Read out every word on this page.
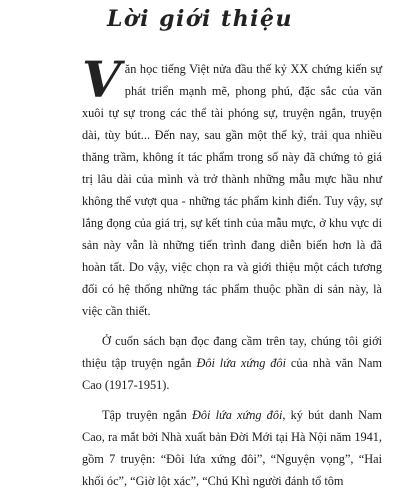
Lời giới thiệu

Văn học tiếng Việt nửa đầu thế kỷ XX chứng kiến sự phát triển mạnh mẽ, phong phú, đặc sắc của văn xuôi tự sự trong các thể tài phóng sự, truyện ngắn, truyện dài, tùy bút... Đến nay, sau gần một thế kỷ, trải qua nhiều thăng trầm, không ít tác phẩm trong số này đã chứng tỏ giá trị lâu dài của mình và trở thành những mẫu mực hầu như không thể vượt qua - những tác phẩm kinh điển. Tuy vậy, sự lắng đọng của giá trị, sự kết tinh của mẫu mực, ở khu vực di sản này vẫn là những tiến trình đang diễn biến hơn là đã hoàn tất. Do vậy, việc chọn ra và giới thiệu một cách tương đối có hệ thống những tác phẩm thuộc phần di sản này, là việc cần thiết.

Ở cuốn sách bạn đọc đang cầm trên tay, chúng tôi giới thiệu tập truyện ngắn Đôi lứa xứng đôi của nhà văn Nam Cao (1917-1951).

Tập truyện ngắn Đôi lứa xứng đôi, ký bút danh Nam Cao, ra mắt bởi Nhà xuất bản Đời Mới tại Hà Nội năm 1941, gồm 7 truyện: “Đôi lứa xứng đôi”, “Nguyện vọng”, “Hai khối óc”, “Giờ lột xác”, “Chú Khì người đánh tổ tôm
